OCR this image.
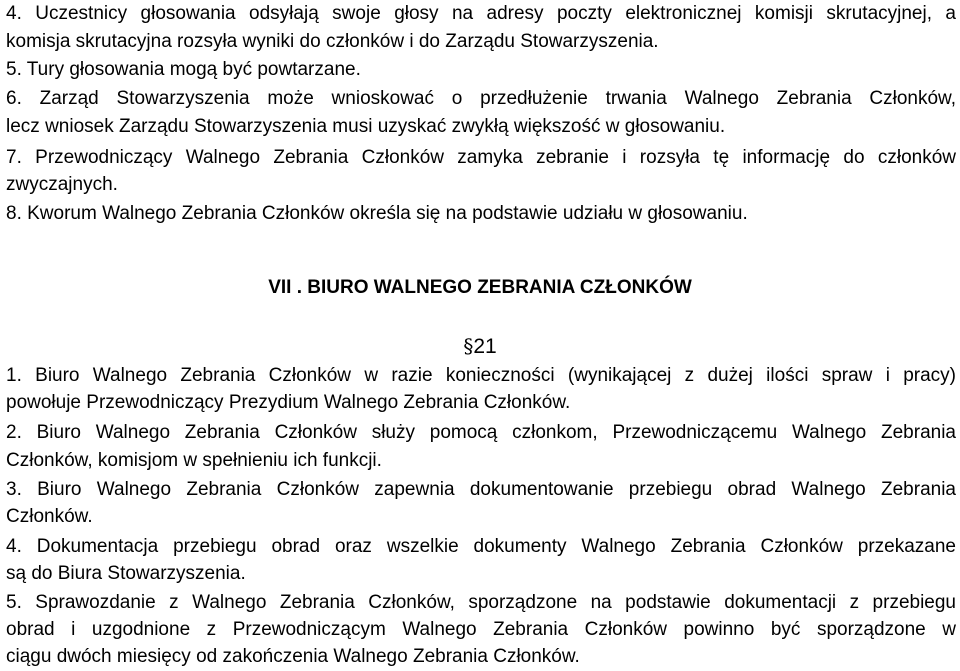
4. Uczestnicy głosowania odsyłają swoje głosy na adresy poczty elektronicznej komisji skrutacyjnej, a
komisja skrutacyjna rozsyła wyniki do członków i do Zarządu Stowarzyszenia.
5. Tury głosowania mogą być powtarzane.
6. Zarząd Stowarzyszenia może wnioskować o przedłużenie trwania Walnego Zebrania Członków,
lecz wniosek Zarządu Stowarzyszenia musi uzyskać zwykłą większość w głosowaniu.
7. Przewodniczący Walnego Zebrania Członków zamyka zebranie i rozsyła tę informację do członków
zwyczajnych.
8. Kworum Walnego Zebrania Członków określa się na podstawie udziału w głosowaniu.
VII . BIURO WALNEGO ZEBRANIA CZŁONKÓW
§21
1. Biuro Walnego Zebrania Członków w razie konieczności (wynikającej z dużej ilości spraw i pracy)
powołuje Przewodniczący Prezydium Walnego Zebrania Członków.
2. Biuro Walnego Zebrania Członków służy pomocą członkom, Przewodniczącemu Walnego Zebrania
Członków, komisjom w spełnieniu ich funkcji.
3. Biuro Walnego Zebrania Członków zapewnia dokumentowanie przebiegu obrad Walnego Zebrania
Członków.
4. Dokumentacja przebiegu obrad oraz wszelkie dokumenty Walnego Zebrania Członków przekazane
są do Biura Stowarzyszenia.
5. Sprawozdanie z Walnego Zebrania Członków, sporządzone na podstawie dokumentacji z przebiegu
obrad i uzgodnione z Przewodniczącym Walnego Zebrania Członków powinno być sporządzone w
ciągu dwóch miesięcy od zakończenia Walnego Zebrania Członków.
